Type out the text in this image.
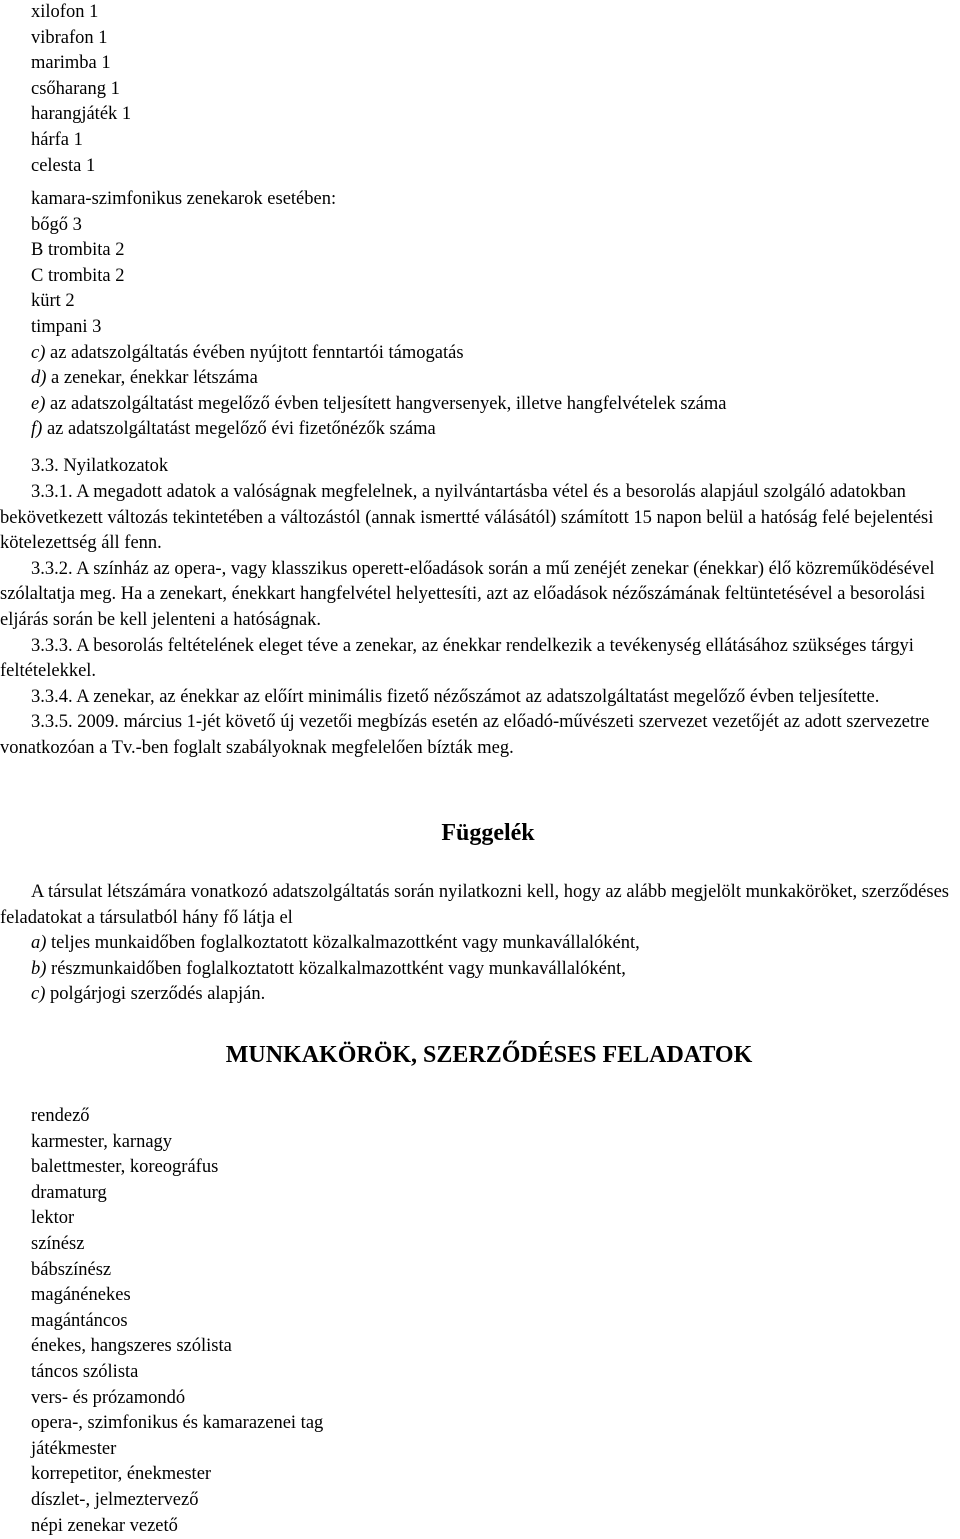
xilofon 1
vibrafon 1
marimba 1
csőharang 1
harangjáték 1
hárfa 1
celesta 1

kamara-szimfonikus zenekarok esetében:

bőgő 3
B trombita 2
C trombita 2
kürt 2
timpani 3

c) az adatszolgáltatás évében nyújtott fenntartói támogatás

d) a zenekar, énekkar létszáma

e) az adatszolgáltatást megelőző évben teljesített hangversenyek, illetve hangfelvételek száma

f) az adatszolgáltatást megelőző évi fizetőnézők száma

3.3. Nyilatkozatok

3.3.1. A megadott adatok a valóságnak megfelelnek, a nyilvántartásba vétel és a besorolás alapjául szolgáló adatokban bekövetkezett változás tekintetében a változástól (annak ismertté válásától) számított 15 napon belül a hatóság felé bejelentési kötelezettség áll fenn.

3.3.2. A színház az opera-, vagy klasszikus operett-előadások során a mű zenéjét zenekar (énekkar) élő közreműködésével szólaltatja meg. Ha a zenekart, énekkart hangfelvétel helyettesíti, azt az előadások nézőszámának feltüntetésével a besorolási eljárás során be kell jelenteni a hatóságnak.

3.3.3. A besorolás feltételének eleget téve a zenekar, az énekkar rendelkezik a tevékenység ellátásához szükséges tárgyi feltételekkel.

3.3.4. A zenekar, az énekkar az előírt minimális fizető nézőszámot az adatszolgáltatást megelőző évben teljesítette.

3.3.5. 2009. március 1-jét követő új vezetői megbízás esetén az előadó-művészeti szervezet vezetőjét az adott szervezetre vonatkozóan a Tv.-ben foglalt szabályoknak megfelelően bízták meg.

Függelék

A társulat létszámára vonatkozó adatszolgáltatás során nyilatkozni kell, hogy az alább megjelölt munkaköröket, szerződéses feladatokat a társulatból hány fő látja el

a) teljes munkaidőben foglalkoztatott közalkalmazottként vagy munkavállalóként,

b) részmunkaidőben foglalkoztatott közalkalmazottként vagy munkavállalóként,

c) polgárjogi szerződés alapján.

MUNKAKÖRÖK, SZERZŐDÉSES FELADATOK
rendező
karmester, karnagy
balettmester, koreográfus
dramaturg
lektor
színész
bábszínész
magánénekes
magántáncos
énekes, hangszeres szólista
táncos szólista
vers- és prózamondó
opera-, szimfonikus és kamarazenei tag
játékmester
korrepetitor, énekmester
díszlet-, jelmeztervező
népi zenekar vezető
